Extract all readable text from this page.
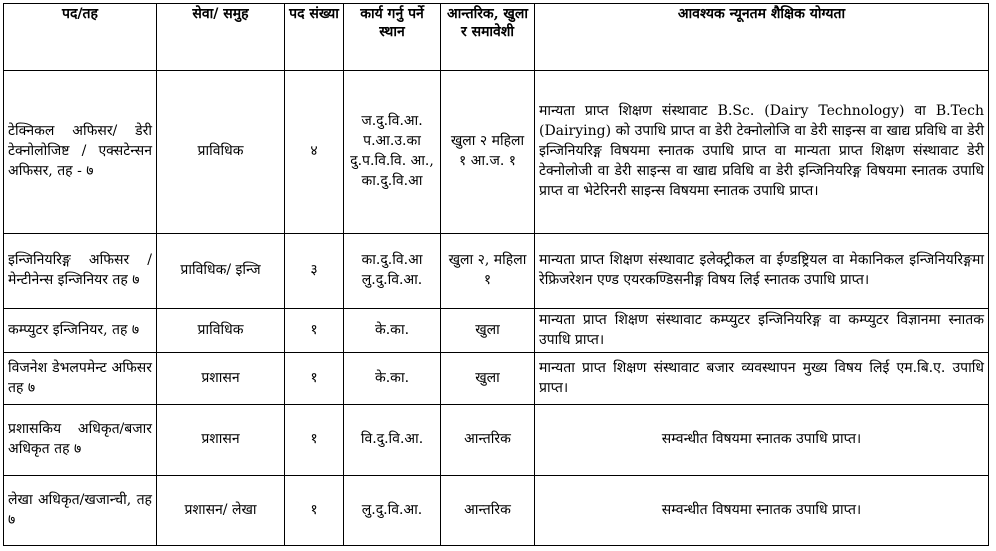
पद/तह	सेवा/ समुह	पद संख्या	कार्य गर्नु पर्ने स्थान	आन्तरिक, खुला र समावेशी	आवश्यक न्यूनतम शैक्षिक योग्यता
टेक्निकल अफिसर/ डेरी टेक्नोलोजिष्ट / एक्सटेन्सन अफिसर, तह - ७	प्राविधिक	४	ज.दु.वि.आ. प.आ.उ.का दु.प.वि.वि. आ., का.दु.वि.आ	खुला २ महिला १ आ.ज. १	मान्यता प्राप्त शिक्षण संस्थावाट B.Sc. (Dairy Technology) वा B.Tech (Dairying) को उपाधि प्राप्त वा डेरी टेक्नोलोजि वा डेरी साइन्स वा खाद्य प्रविधि वा डेरी इन्जिनियरिङ्ग विषयमा स्नातक उपाधि प्राप्त वा मान्यता प्राप्त शिक्षण संस्थावाट डेरी टेक्नोलोजी वा डेरी साइन्स वा खाद्य प्रविधि वा डेरी इन्जिनियरिङ्ग विषयमा स्नातक उपाधि प्राप्त वा भेटेरिनरी साइन्स विषयमा स्नातक उपाधि प्राप्त।
इन्जिनियरिङ्ग अफिसर /मेन्टीनेन्स इन्जिनियर तह ७	प्राविधिक/ इन्जि	३	का.दु.वि.आ लु.दु.वि.आ.	खुला २, महिला १	मान्यता प्राप्त शिक्षण संस्थावाट इलेक्ट्रीकल वा ईण्डष्ट्रियल वा मेकानिकल इन्जिनियरिङ्गमा रेफ्रिजरेशन एण्ड एयरकण्डिसनीङ्ग विषय लिई स्नातक उपाधि प्राप्त।
कम्प्युटर इन्जिनियर, तह ७	प्राविधिक	१	के.का.	खुला	मान्यता प्राप्त शिक्षण संस्थावाट कम्प्युटर इन्जिनियरिङ्ग वा कम्प्युटर विज्ञानमा स्नातक उपाधि प्राप्त।
विजनेश डेभलपमेन्ट अफिसर तह ७	प्रशासन	१	के.का.	खुला	मान्यता प्राप्त शिक्षण संस्थावाट बजार व्यवस्थापन मुख्य विषय लिई एम.बि.ए. उपाधि प्राप्त।
प्रशासकिय अधिकृत/बजार अधिकृत तह ७	प्रशासन	१	वि.दु.वि.आ.	आन्तरिक	सम्वन्धीत विषयमा स्नातक उपाधि प्राप्त।
लेखा अधिकृत/खजान्ची, तह ७	प्रशासन/ लेखा	१	लु.दु.वि.आ.	आन्तरिक	सम्वन्धीत विषयमा स्नातक उपाधि प्राप्त।
